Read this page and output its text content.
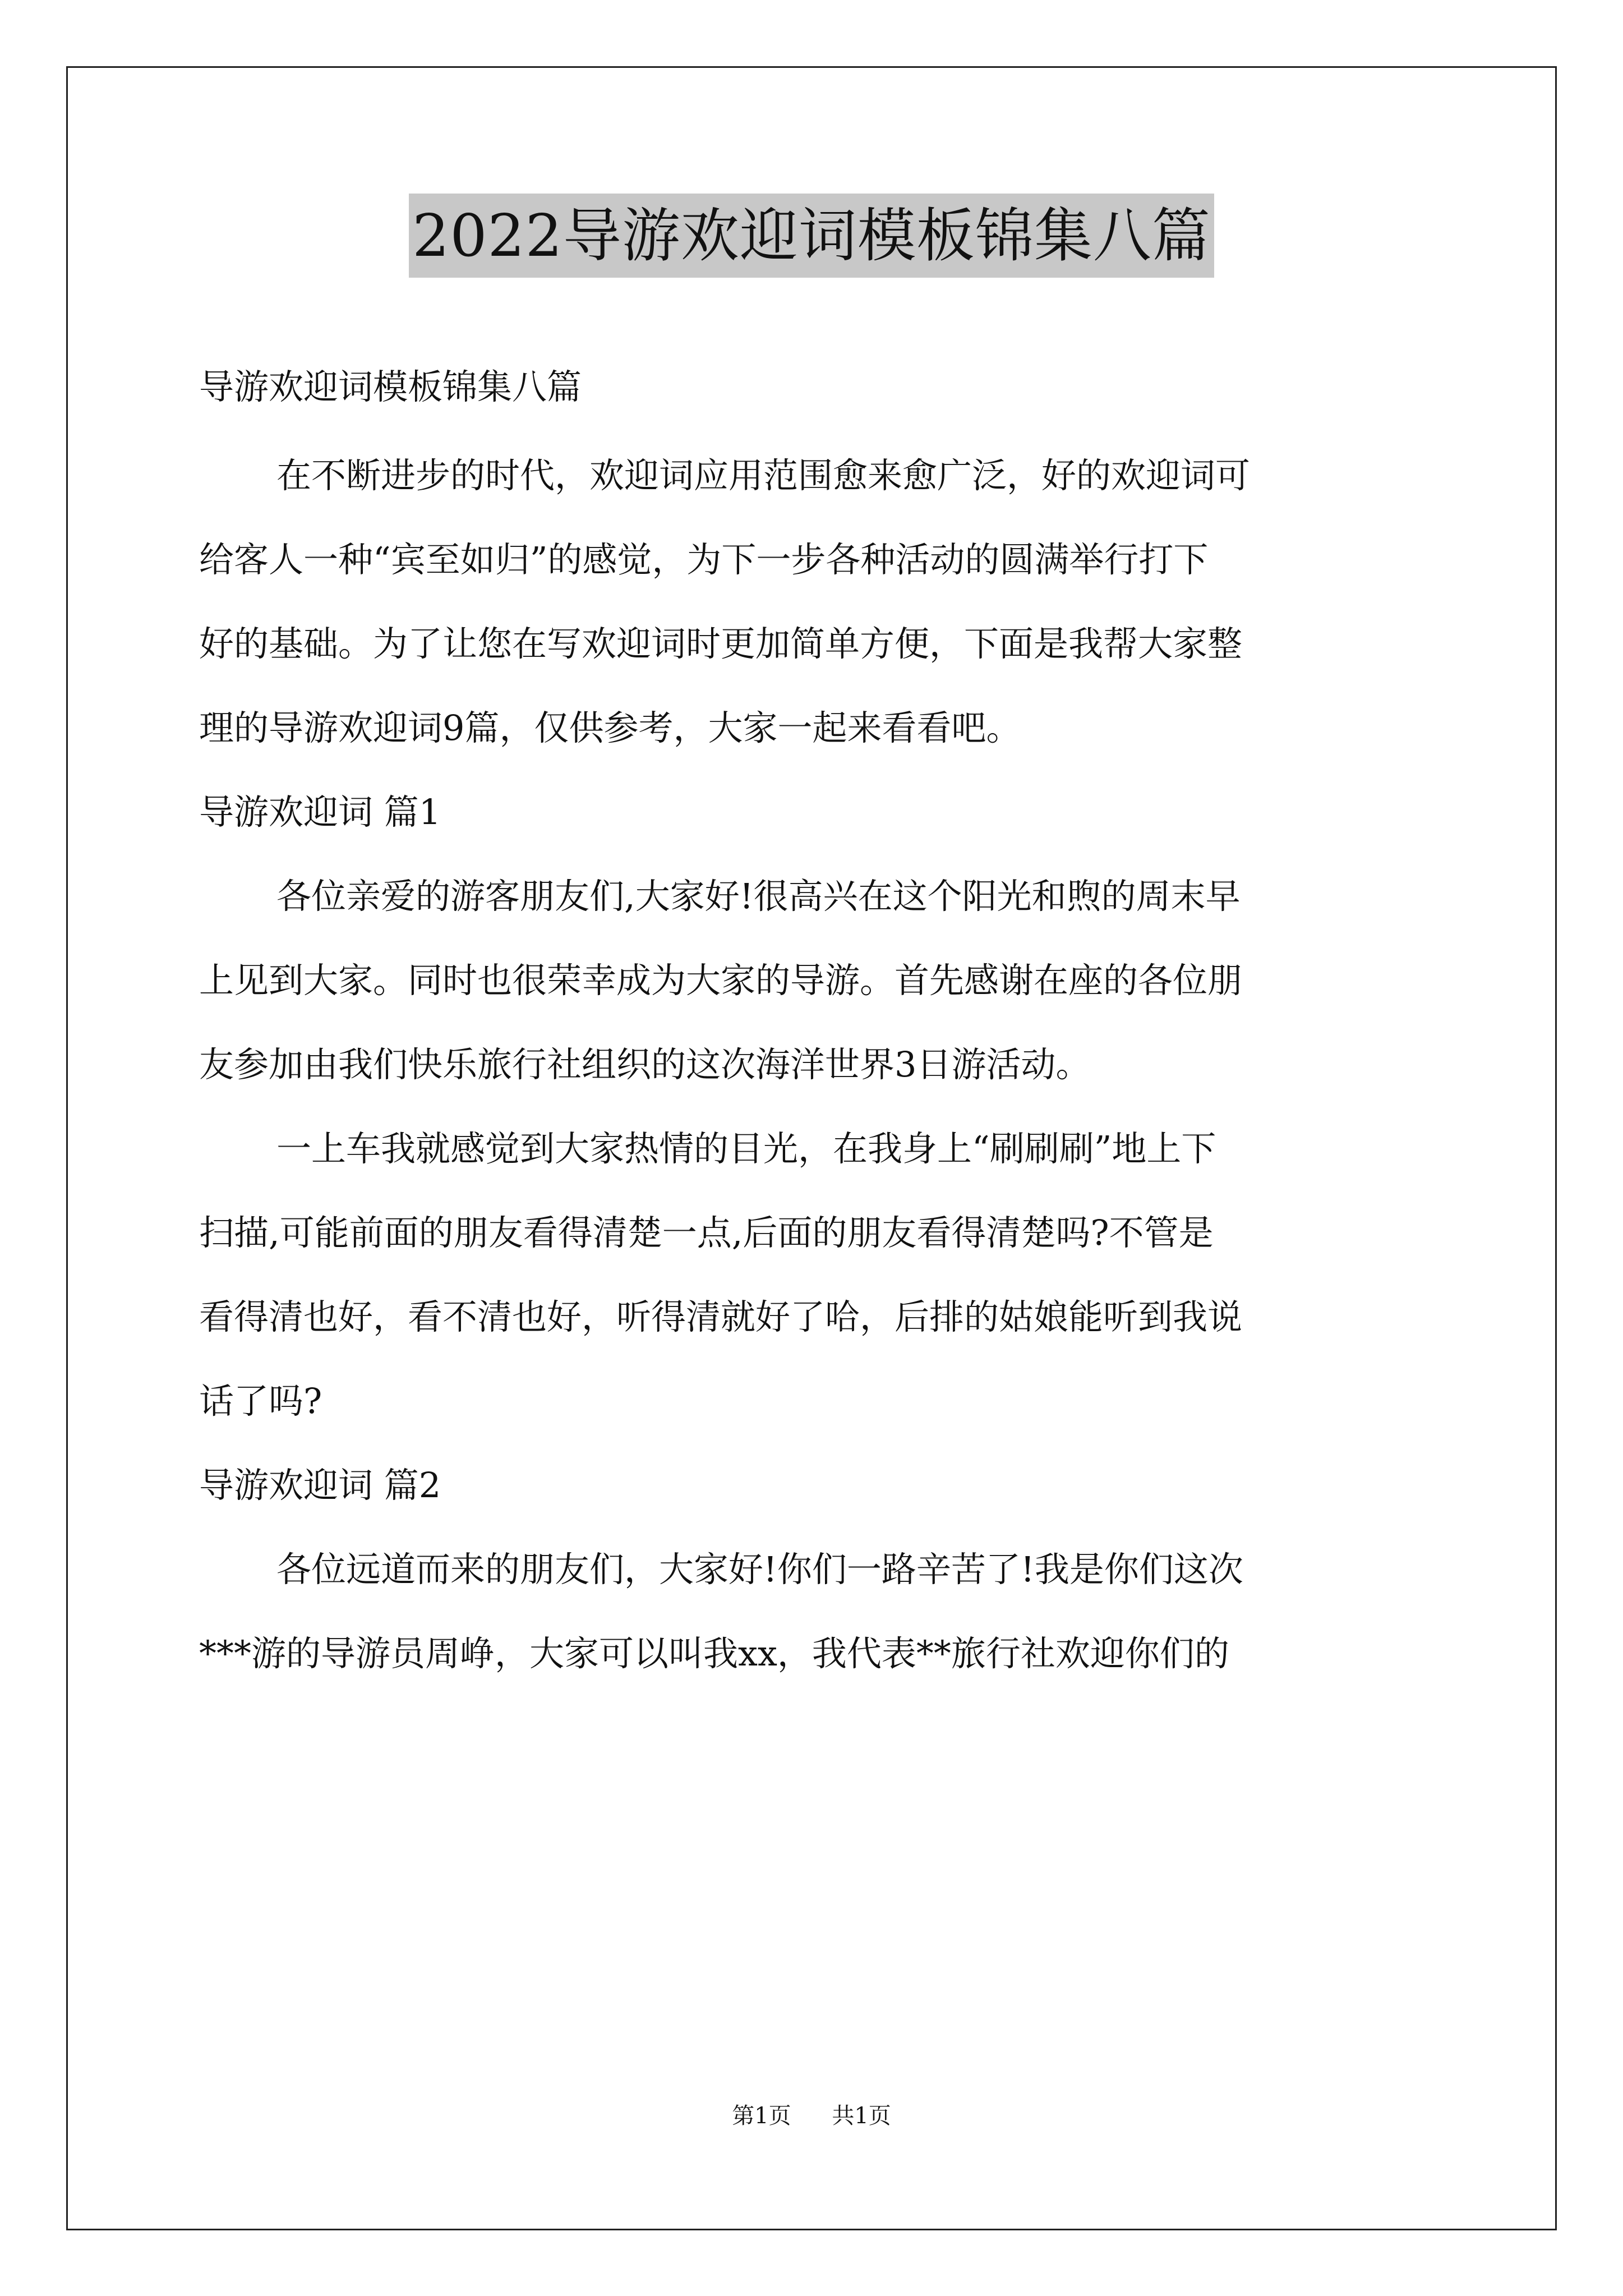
2022导游欢迎词模板锦集八篇
导游欢迎词模板锦集八篇
在不断进步的时代，欢迎词应用范围愈来愈广泛，好的欢迎词可
给客人一种“宾至如归”的感觉，为下一步各种活动的圆满举行打下
好的基础。为了让您在写欢迎词时更加简单方便，下面是我帮大家整
理的导游欢迎词9篇，仅供参考，大家一起来看看吧。
导游欢迎词 篇1
各位亲爱的游客朋友们,大家好!很高兴在这个阳光和煦的周末早
上见到大家。同时也很荣幸成为大家的导游。首先感谢在座的各位朋
友参加由我们快乐旅行社组织的这次海洋世界3日游活动。
一上车我就感觉到大家热情的目光，在我身上“刷刷刷”地上下
扫描,可能前面的朋友看得清楚一点,后面的朋友看得清楚吗?不管是
看得清也好，看不清也好，听得清就好了哈，后排的姑娘能听到我说
话了吗?
导游欢迎词 篇2
各位远道而来的朋友们，大家好!你们一路辛苦了!我是你们这次
***游的导游员周峥，大家可以叫我xx，我代表**旅行社欢迎你们的
第1页 共1页
